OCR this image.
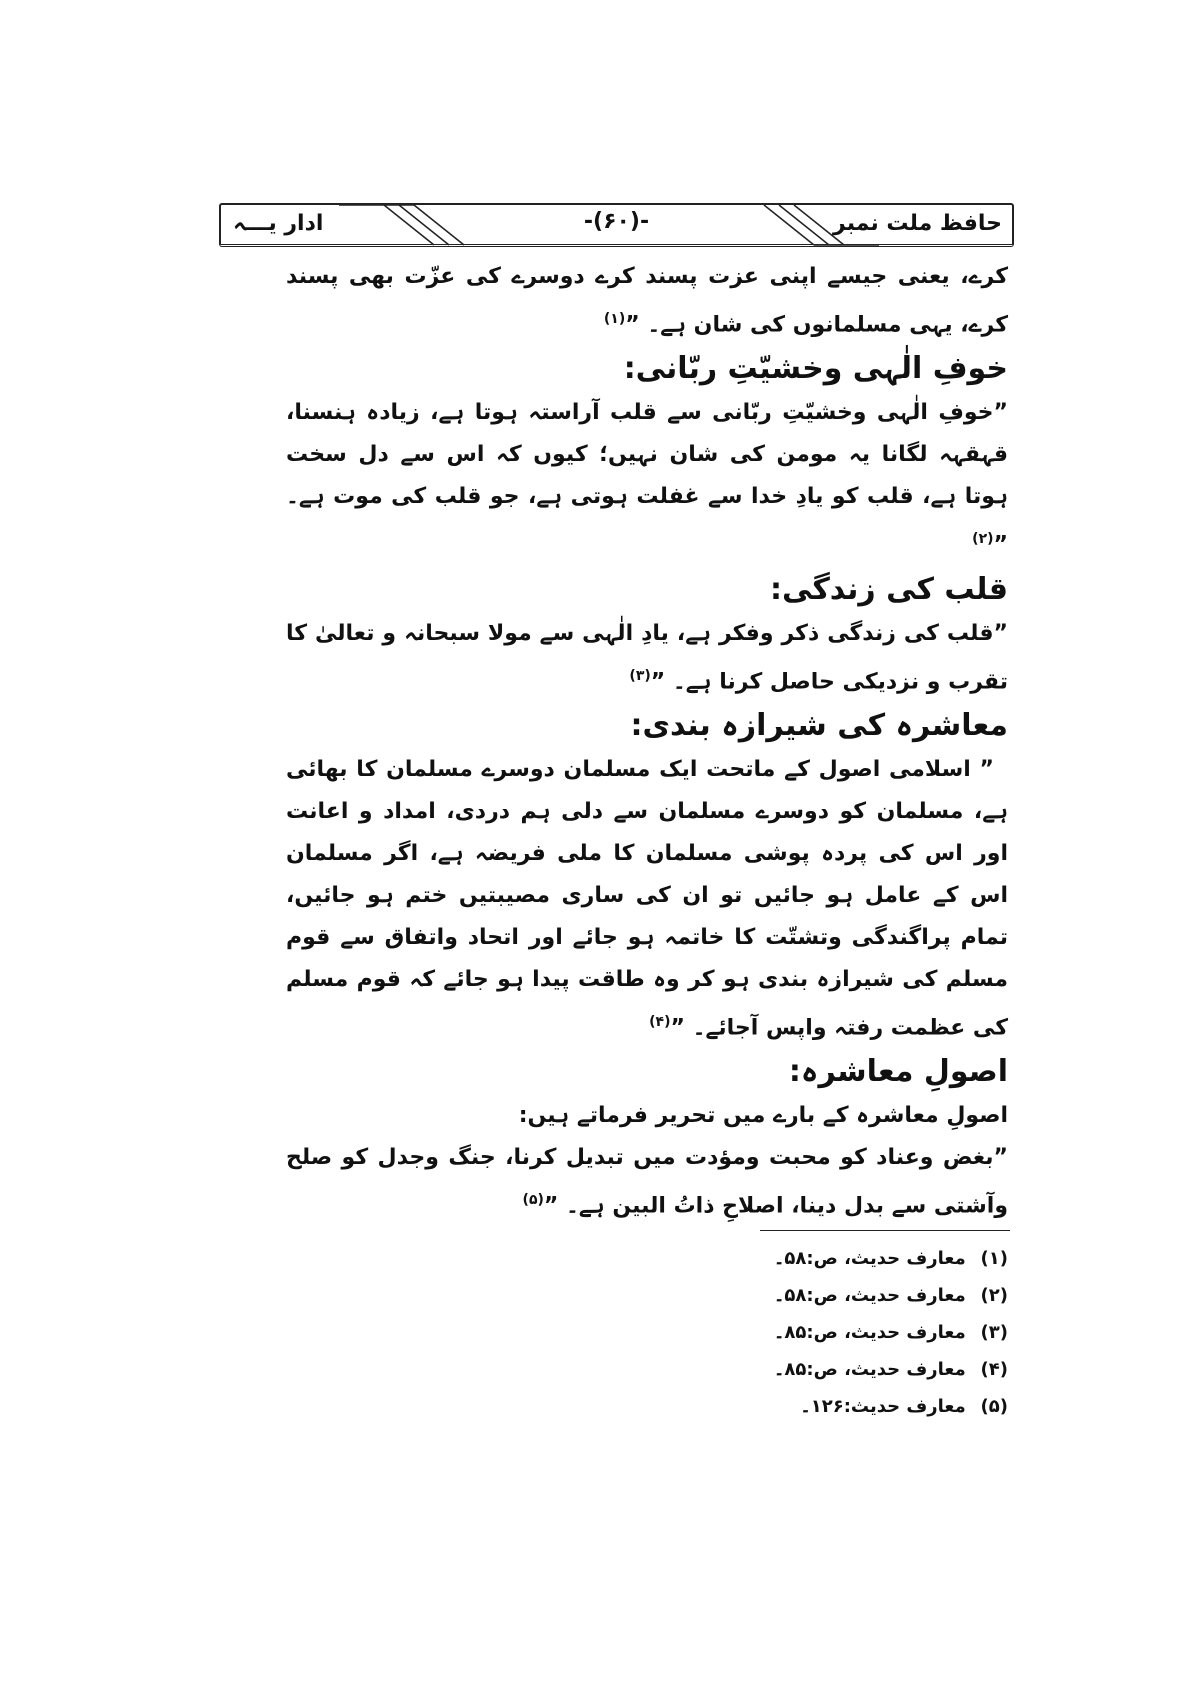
حافظ ملت نمبر
-(۶۰)-
ادار یـــہ

کرے، یعنی جیسے اپنی عزت پسند کرے دوسرے کی عزّت بھی پسند کرے، یہی مسلمانوں کی شان ہے۔ ”$^{(۱)}$

خوفِ الٰہی وخشیّتِ ربّانی:

”خوفِ الٰہی وخشیّتِ ربّانی سے قلب آراستہ ہوتا ہے، زیادہ ہنسنا، قہقہہ لگانا یہ مومن کی شان نہیں؛ کیوں کہ اس سے دل سخت ہوتا ہے، قلب کو یادِ خدا سے غفلت ہوتی ہے، جو قلب کی موت ہے۔ ”$^{(۲)}$

قلب کی زندگی:

”قلب کی زندگی ذکر وفکر ہے، یادِ الٰہی سے مولا سبحانہ و تعالیٰ کا تقرب و نزدیکی حاصل کرنا ہے۔ ”$^{(۳)}$

معاشرہ کی شیرازہ بندی:

” اسلامی اصول کے ماتحت ایک مسلمان دوسرے مسلمان کا بھائی ہے، مسلمان کو دوسرے مسلمان سے دلی ہم دردی، امداد و اعانت اور اس کی پردہ پوشی مسلمان کا ملی فریضہ ہے، اگر مسلمان اس کے عامل ہو جائیں تو ان کی ساری مصیبتیں ختم ہو جائیں، تمام پراگندگی وتشتّت کا خاتمہ ہو جائے اور اتحاد واتفاق سے قوم مسلم کی شیرازہ بندی ہو کر وہ طاقت پیدا ہو جائے کہ قوم مسلم کی عظمت رفتہ واپس آجائے۔ ”$^{(۴)}$

اصولِ معاشرہ:

اصولِ معاشرہ کے بارے میں تحریر فرماتے ہیں:

”بغض وعناد کو محبت ومؤدت میں تبدیل کرنا، جنگ وجدل کو صلح وآشتی سے بدل دینا، اصلاحِ ذاتُ البین ہے۔ ”$^{(۵)}$

(۱) معارف حدیث، ص:۵۸۔

(۲) معارف حدیث، ص:۵۸۔

(۳) معارف حدیث، ص:۸۵۔

(۴) معارف حدیث، ص:۸۵۔

(۵) معارف حدیث:۱۲۶۔
